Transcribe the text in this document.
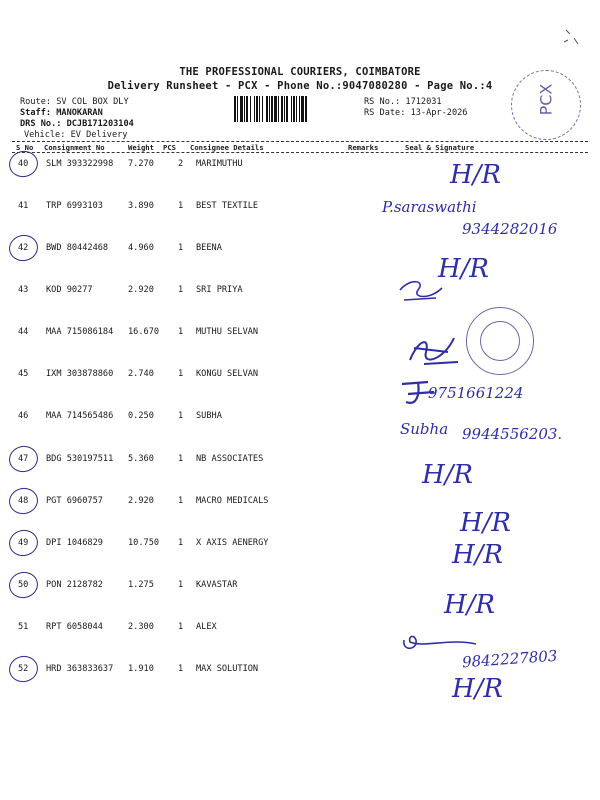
THE PROFESSIONAL COURIERS, COIMBATORE
Delivery Runsheet - PCX - Phone No.:9047080280 - Page No.:4
Route: SV COL BOX DLY
Staff: MANOKARAN
DRS No.: DCJB171203104
Vehicle: EV Delivery
RS No.: 1712031
RS Date: 13-Apr-2026	PCX
S No Consignment No	Weight PCS Consignee Details	Remarks	Seal & Signature
40 SLM 393322998 7.270	2 MARIMUTHU
41 TRP 6993103	3.890	1 BEST TEXTILE
42 BWD 80442468 4.960	1 BEENA
43 KOD 90277	2.920	1 SRI PRIYA
44 MAA 715086184 16.670 1 MUTHU SELVAN
45 IXM 303878860 2.740	1 KONGU SELVAN
46 MAA 714565486 0.250	1 SUBHA
47 BDG 530197511 5.360	1 NB ASSOCIATES
48 PGT 6960757	2.920	1 MACRO MEDICALS
49 DPI 1046829	10.750 1 X AXIS AENERGY
50 PON 2128782	1.275	1 KAVASTAR
51 RPT 6058044	2.300	1 ALEX
52 HRD 363833637 1.910	1 MAX SOLUTION
H/R
P.saraswathi
9344282016
H/R
9751661224
Subha 9944556203.
H/R
H/R
H/R
H/R
9842227803
H/R
